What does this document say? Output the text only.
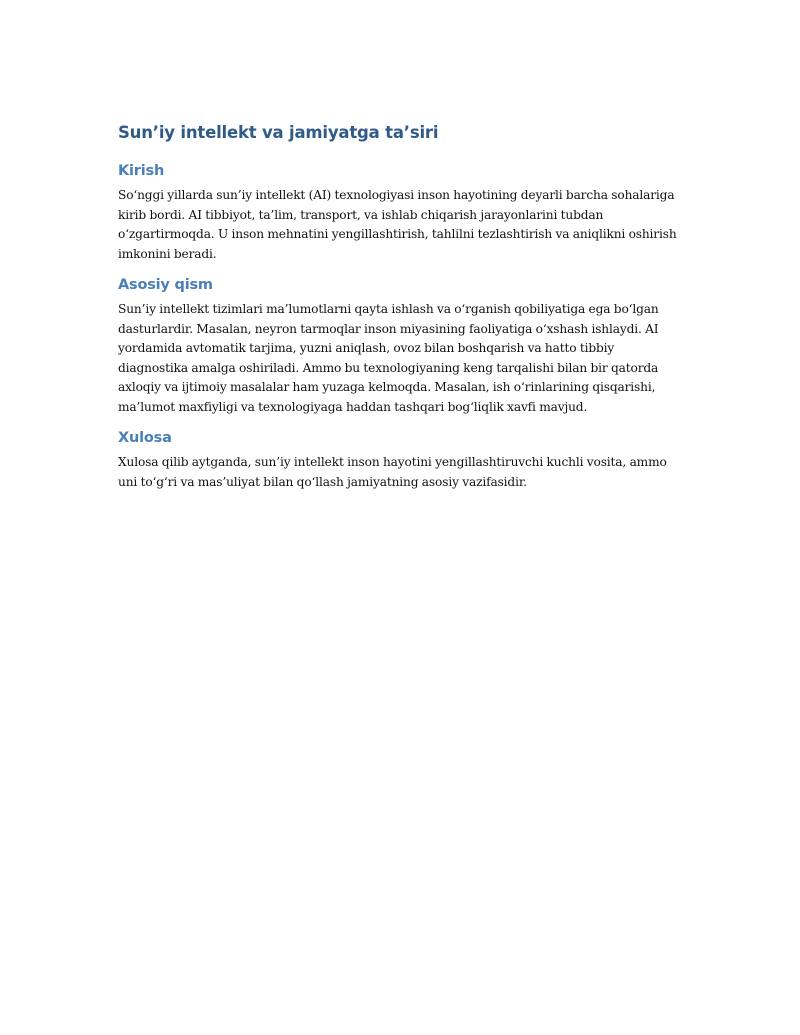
Sun’iy intellekt va jamiyatga ta’siri
Kirish

So‘nggi yillarda sun’iy intellekt (AI) texnologiyasi inson hayotining deyarli barcha sohalariga kirib bordi. AI tibbiyot, ta’lim, transport, va ishlab chiqarish jarayonlarini tubdan o‘zgartirmoqda. U inson mehnatini yengillashtirish, tahlilni tezlashtirish va aniqlikni oshirish imkonini beradi.

Asosiy qism

Sun’iy intellekt tizimlari ma’lumotlarni qayta ishlash va o‘rganish qobiliyatiga ega bo‘lgan dasturlardir. Masalan, neyron tarmoqlar inson miyasining faoliyatiga o‘xshash ishlaydi. AI yordamida avtomatik tarjima, yuzni aniqlash, ovoz bilan boshqarish va hatto tibbiy diagnostika amalga oshiriladi. Ammo bu texnologiyaning keng tarqalishi bilan bir qatorda axloqiy va ijtimoiy masalalar ham yuzaga kelmoqda. Masalan, ish o‘rinlarining qisqarishi, ma’lumot maxfiyligi va texnologiyaga haddan tashqari bog‘liqlik xavfi mavjud.

Xulosa

Xulosa qilib aytganda, sun’iy intellekt inson hayotini yengillashtiruvchi kuchli vosita, ammo uni to‘g‘ri va mas’uliyat bilan qo‘llash jamiyatning asosiy vazifasidir.
